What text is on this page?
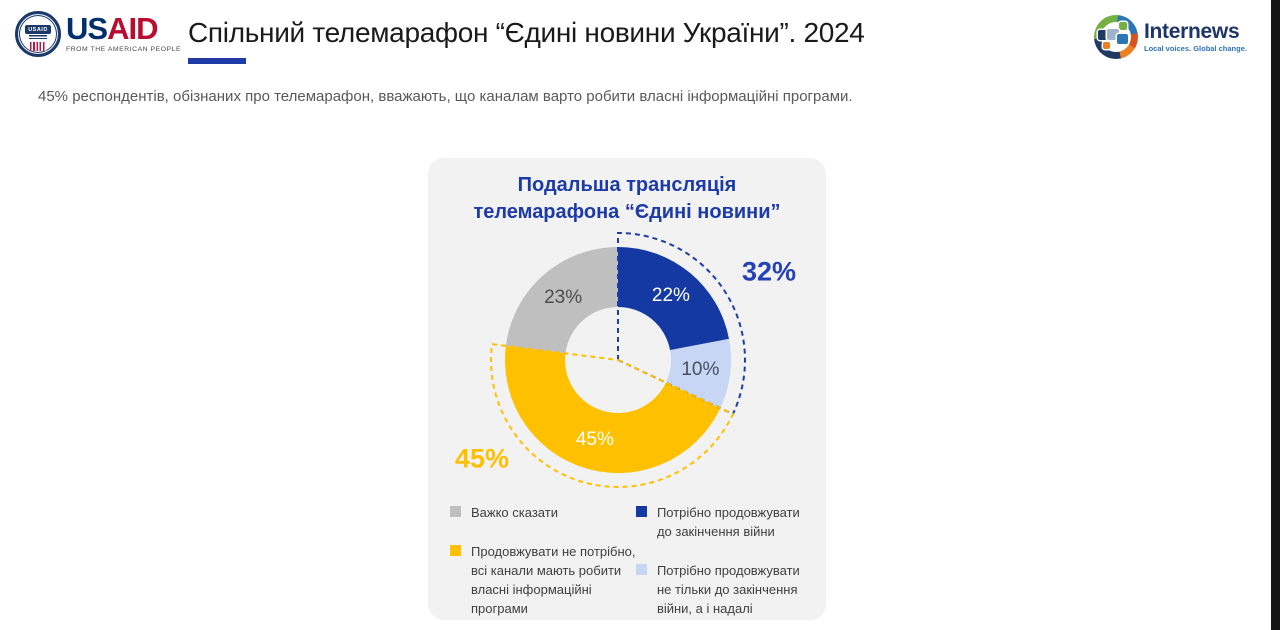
USAID USAID
FROM THE AMERICAN PEOPLE
Спільний телемарафон “Єдині новини України”. 2024	Internews
Local voices. Global change.
45% респондентів, обізнаних про телемарафон, вважають, що каналам варто робити власні інформаційні програми.
Подальша трансляція
телемарафона “Єдині новини”
22%
10%
45%
23%
32%
45%
Важко сказати
Продовжувати не потрібно, всі канали мають робити власні інформаційні програми
Потрібно продовжувати до закінчення війни
Потрібно продовжувати не тільки до закінчення війни, а і надалі
